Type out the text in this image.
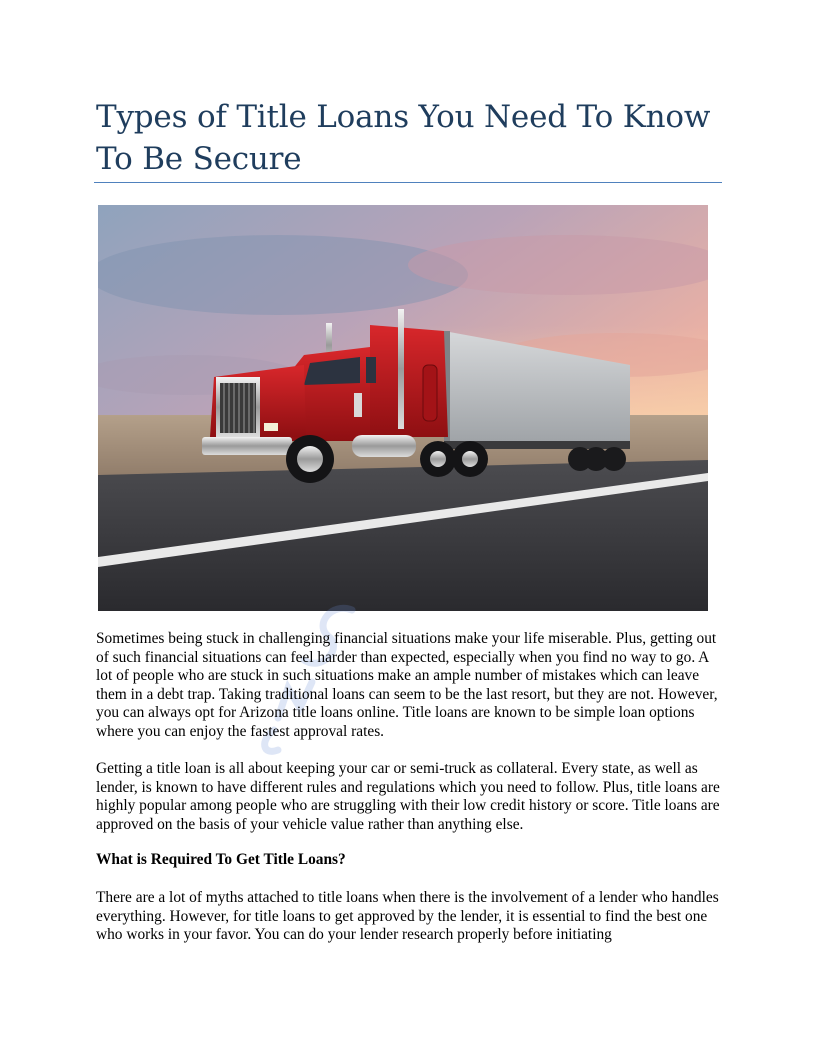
Types of Title Loans You Need To Know To Be Secure

Sometimes being stuck in challenging financial situations make your life miserable. Plus, getting out of such financial situations can feel harder than expected, especially when you find no way to go. A lot of people who are stuck in such situations make an ample number of mistakes which can leave them in a debt trap. Taking traditional loans can seem to be the last resort, but they are not. However, you can always opt for Arizona title loans online. Title loans are known to be simple loan options where you can enjoy the fastest approval rates.

Getting a title loan is all about keeping your car or semi-truck as collateral. Every state, as well as lender, is known to have different rules and regulations which you need to follow. Plus, title loans are highly popular among people who are struggling with their low credit history or score. Title loans are approved on the basis of your vehicle value rather than anything else.

What is Required To Get Title Loans?

There are a lot of myths attached to title loans when there is the involvement of a lender who handles everything. However, for title loans to get approved by the lender, it is essential to find the best one who works in your favor. You can do your lender research properly before initiating
